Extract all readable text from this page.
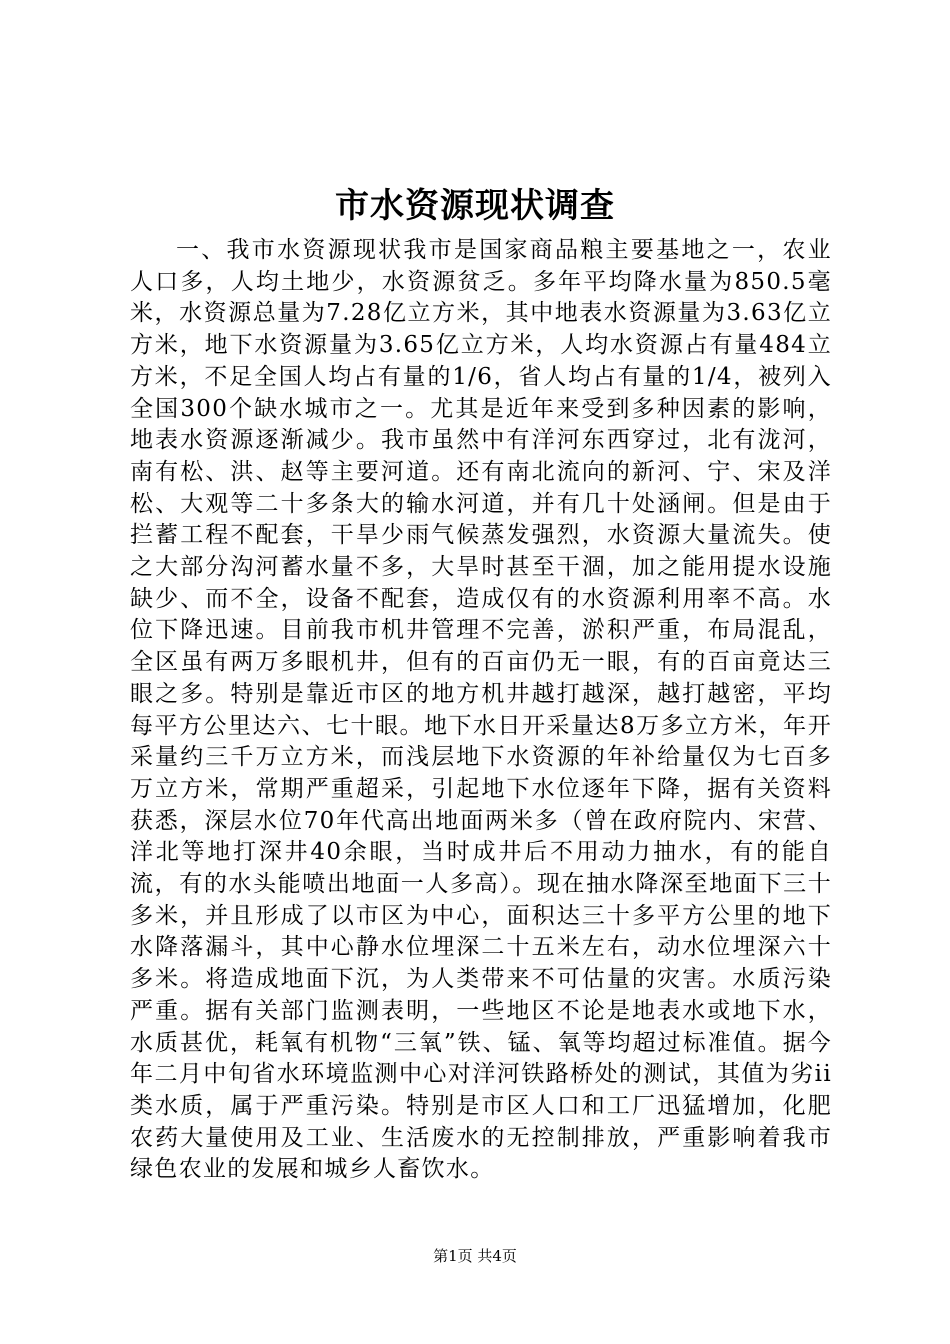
市水资源现状调查

一、我市水资源现状我市是国家商品粮主要基地之一，农业人口多，人均土地少，水资源贫乏。多年平均降水量为850.5毫米，水资源总量为7.28亿立方米，其中地表水资源量为3.63亿立方米，地下水资源量为3.65亿立方米，人均水资源占有量484立方米，不足全国人均占有量的1/6，省人均占有量的1/4，被列入全国300个缺水城市之一。尤其是近年来受到多种因素的影响，地表水资源逐渐减少。我市虽然中有洋河东西穿过，北有泷河，南有松、洪、赵等主要河道。还有南北流向的新河、宁、宋及洋松、大观等二十多条大的输水河道，并有几十处涵闸。但是由于拦蓄工程不配套，干旱少雨气候蒸发强烈，水资源大量流失。使之大部分沟河蓄水量不多，大旱时甚至干涸，加之能用提水设施缺少、而不全，设备不配套，造成仅有的水资源利用率不高。水位下降迅速。目前我市机井管理不完善，淤积严重，布局混乱，全区虽有两万多眼机井，但有的百亩仍无一眼，有的百亩竟达三眼之多。特别是靠近市区的地方机井越打越深，越打越密，平均每平方公里达六、七十眼。地下水日开采量达8万多立方米，年开采量约三千万立方米，而浅层地下水资源的年补给量仅为七百多万立方米，常期严重超采，引起地下水位逐年下降，据有关资料获悉，深层水位70年代高出地面两米多（曾在政府院内、宋营、洋北等地打深井40余眼，当时成井后不用动力抽水，有的能自流，有的水头能喷出地面一人多高）。现在抽水降深至地面下三十多米，并且形成了以市区为中心，面积达三十多平方公里的地下水降落漏斗，其中心静水位埋深二十五米左右，动水位埋深六十多米。将造成地面下沉，为人类带来不可估量的灾害。水质污染严重。据有关部门监测表明，一些地区不论是地表水或地下水，水质甚优，耗氧有机物“三氧”铁、锰、氧等均超过标准值。据今年二月中旬省水环境监测中心对洋河铁路桥处的测试，其值为劣ii类水质，属于严重污染。特别是市区人口和工厂迅猛增加，化肥农药大量使用及工业、生活废水的无控制排放，严重影响着我市绿色农业的发展和城乡人畜饮水。

第1页 共4页
